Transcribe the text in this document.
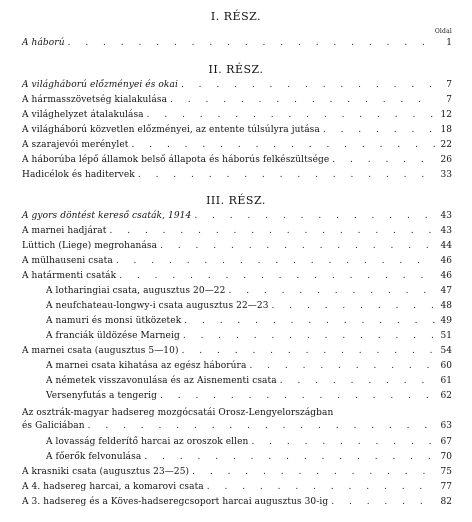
I. RÉSZ.
Oldal
A háború . . .	1
II. RÉSZ.
A világháború előzményei és okai . . .	7
A hármasszövetség kialakulása . . .	7
A világhelyzet átalakulása . . .	12
A világháború közvetlen előzményei, az entente túlsúlyra jutása . . .	18
A szarajevói merénylet . . .	22
A háborúba lépő államok belső állapota és háborús felkészültsége . . .	26
Hadicélok és haditervek . . .	33
III. RÉSZ.
A gyors döntést kereső csaták, 1914 . . .	43
A marnei hadjárat . . .	43
Lüttich (Liege) megrohanása . . .	44
A mülhauseni csata . . .	46
A határmenti csaták . . .	46
A lotharingiai csata, augusztus 20—22 . . .	47
A neufchateau-longwy-i csata augusztus 22—23 . . .	48
A namuri és monsi ütközetek . . .	49
A franciák üldözése Marneig . . .	51
A marnei csata (augusztus 5—10) . . .	54
A marnei csata kihatása az egész háborúra . . .	60
A németek visszavonulása és az Aisnementi csata . . .	61
Versenyfutás a tengerig . . .	62
Az osztrák-magyar hadsereg mozgócsatái Orosz-Lengyelországban
és Galiciában . . .	63
A lovasság felderítő harcai az oroszok ellen . . .	67
A főerők felvonulása . . .	70
A krasniki csata (augusztus 23—25) . . .	75
A 4. hadsereg harcai, a komarovi csata . . .	77
A 3. hadsereg és a Köves-hadseregcsoport harcai augusztus 30-ig . . .	82
